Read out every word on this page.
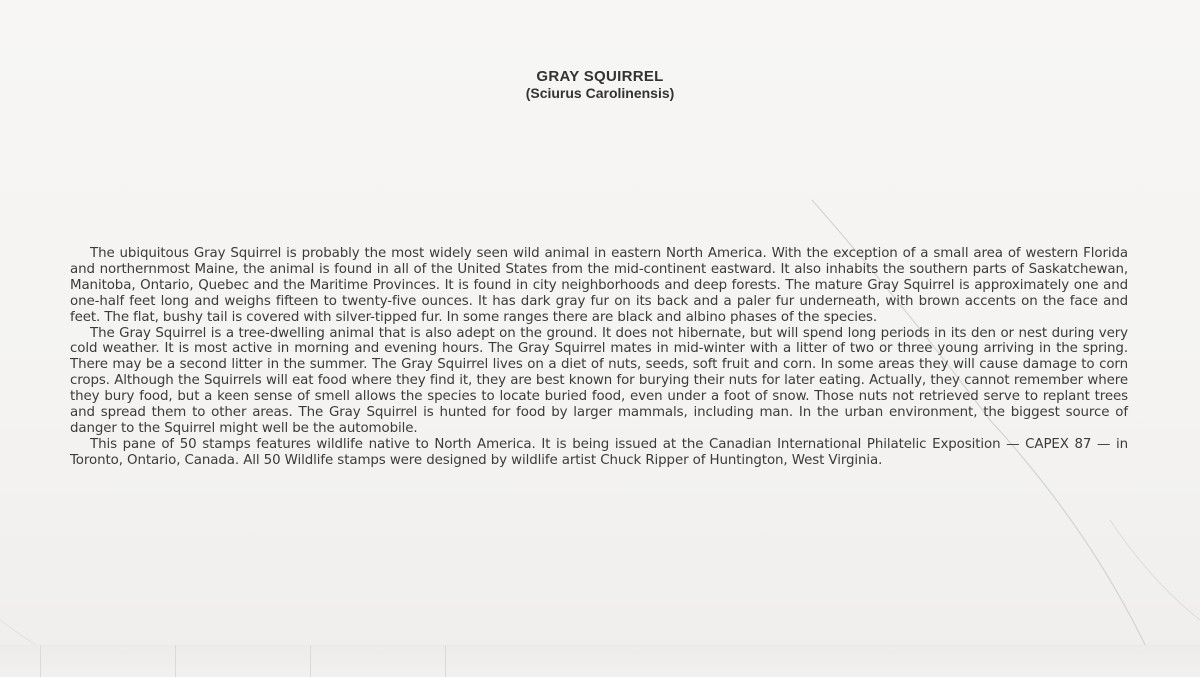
GRAY SQUIRREL
(Sciurus Carolinensis)

The ubiquitous Gray Squirrel is probably the most widely seen wild animal in eastern North America. With the exception of a small area of western Florida and northernmost Maine, the animal is found in all of the United States from the mid-continent eastward. It also inhabits the southern parts of Saskatchewan, Manitoba, Ontario, Quebec and the Maritime Provinces. It is found in city neighborhoods and deep forests. The mature Gray Squirrel is approximately one and one-half feet long and weighs fifteen to twenty-five ounces. It has dark gray fur on its back and a paler fur underneath, with brown accents on the face and feet. The flat, bushy tail is covered with silver-tipped fur. In some ranges there are black and albino phases of the species.

The Gray Squirrel is a tree-dwelling animal that is also adept on the ground. It does not hibernate, but will spend long periods in its den or nest during very cold weather. It is most active in morning and evening hours. The Gray Squirrel mates in mid-winter with a litter of two or three young arriving in the spring. There may be a second litter in the summer. The Gray Squirrel lives on a diet of nuts, seeds, soft fruit and corn. In some areas they will cause damage to corn crops. Although the Squirrels will eat food where they find it, they are best known for burying their nuts for later eating. Actually, they cannot remember where they bury food, but a keen sense of smell allows the species to locate buried food, even under a foot of snow. Those nuts not retrieved serve to replant trees and spread them to other areas. The Gray Squirrel is hunted for food by larger mammals, including man. In the urban environment, the biggest source of danger to the Squirrel might well be the automobile.

This pane of 50 stamps features wildlife native to North America. It is being issued at the Canadian International Philatelic Exposition — CAPEX 87 — in Toronto, Ontario, Canada. All 50 Wildlife stamps were designed by wildlife artist Chuck Ripper of Huntington, West Virginia.
